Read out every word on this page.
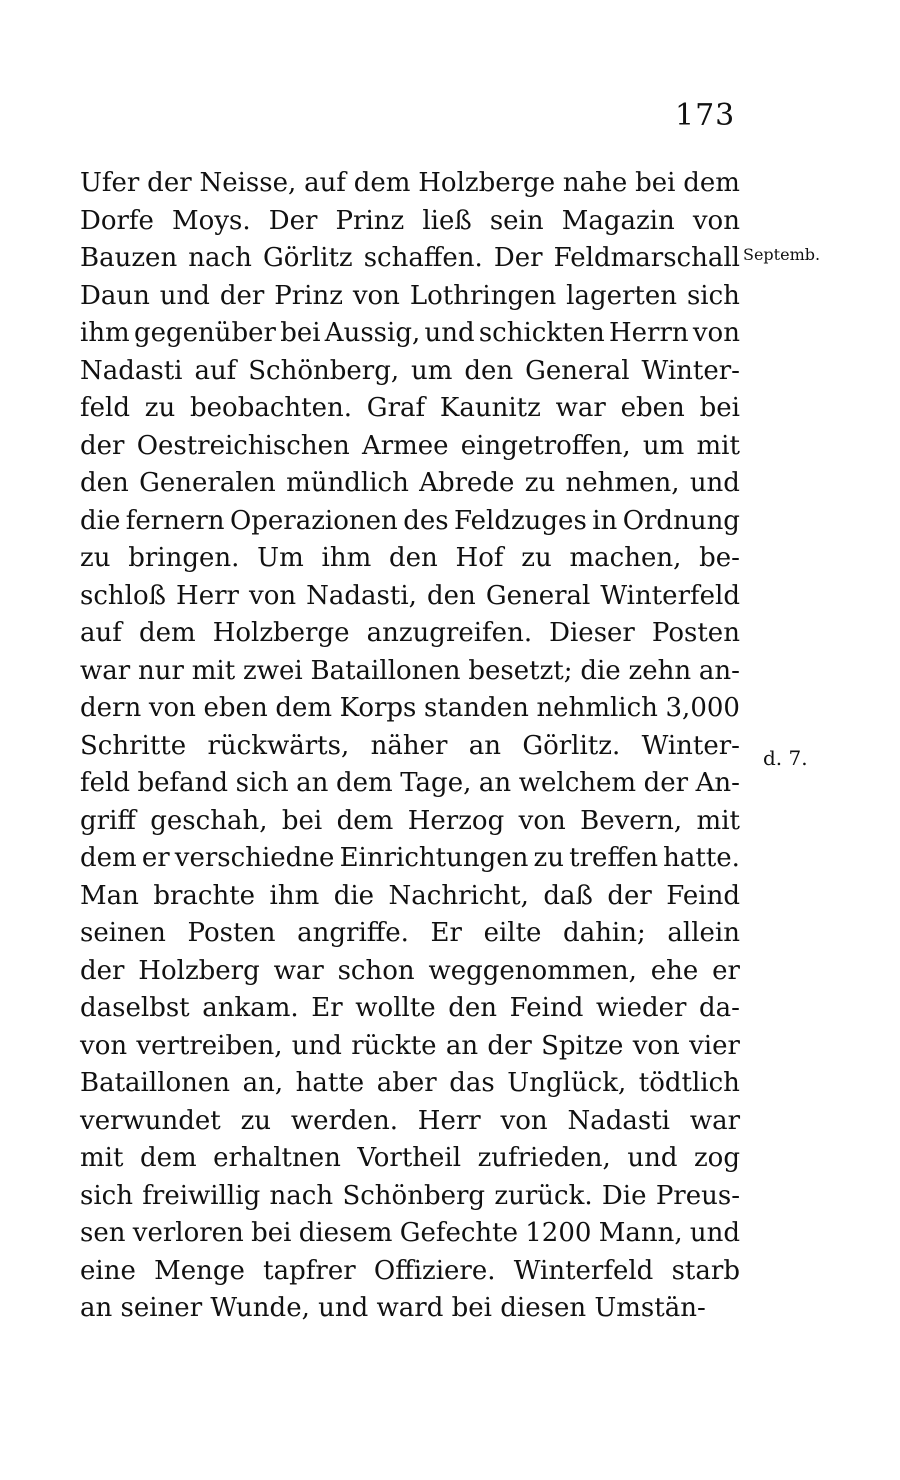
173
Ufer der Neisse, auf dem Holzberge nahe bei dem
Dorfe Moys. Der Prinz ließ sein Magazin von
Bauzen nach Görlitz schaffen. Der Feldmarschall
Daun und der Prinz von Lothringen lagerten sich
ihm gegenüber bei Aussig, und schickten Herrn von
Nadasti auf Schönberg, um den General Winter-
feld zu beobachten. Graf Kaunitz war eben bei
der Oestreichischen Armee eingetroffen, um mit
den Generalen mündlich Abrede zu nehmen, und
die fernern Operazionen des Feldzuges in Ordnung
zu bringen. Um ihm den Hof zu machen, be-
schloß Herr von Nadasti, den General Winterfeld
auf dem Holzberge anzugreifen. Dieser Posten
war nur mit zwei Bataillonen besetzt; die zehn an-
dern von eben dem Korps standen nehmlich 3,000
Schritte rückwärts, näher an Görlitz. Winter-
feld befand sich an dem Tage, an welchem der An-
griff geschah, bei dem Herzog von Bevern, mit
dem er verschiedne Einrichtungen zu treffen hatte.
Man brachte ihm die Nachricht, daß der Feind
seinen Posten angriffe. Er eilte dahin; allein
der Holzberg war schon weggenommen, ehe er
daselbst ankam. Er wollte den Feind wieder da-
von vertreiben, und rückte an der Spitze von vier
Bataillonen an, hatte aber das Unglück, tödtlich
verwundet zu werden. Herr von Nadasti war
mit dem erhaltnen Vortheil zufrieden, und zog
sich freiwillig nach Schönberg zurück. Die Preus-
sen verloren bei diesem Gefechte 1200 Mann, und
eine Menge tapfrer Offiziere. Winterfeld starb
an seiner Wunde, und ward bei diesen Umstän-
Septemb.
d. 7.
